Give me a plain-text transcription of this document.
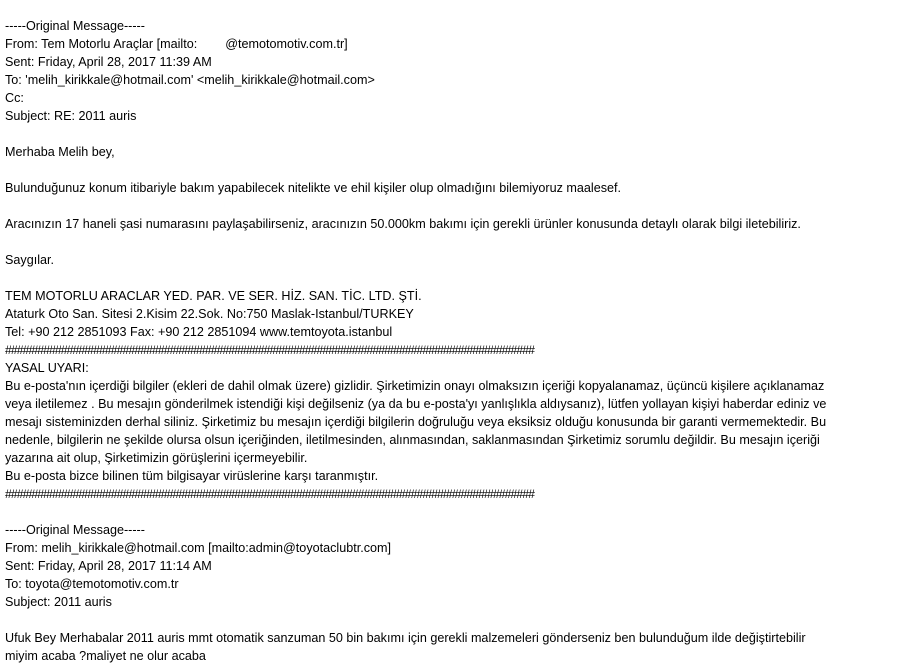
-----Original Message-----
From: Tem Motorlu Araçlar [mailto: @temotomotiv.com.tr]
Sent: Friday, April 28, 2017 11:39 AM
To: 'melih_kirikkale@hotmail.com' <melih_kirikkale@hotmail.com>
Cc:
Subject: RE: 2011 auris
Merhaba Melih bey,
Bulunduğunuz konum itibariyle bakım yapabilecek nitelikte ve ehil kişiler olup olmadığını bilemiyoruz maalesef.
Aracınızın 17 haneli şasi numarasını paylaşabilirseniz, aracınızın 50.000km bakımı için gerekli ürünler konusunda detaylı olarak bilgi iletebiliriz.
Saygılar.
TEM MOTORLU ARACLAR YED. PAR. VE SER. HİZ. SAN. TİC. LTD. ŞTİ.
Ataturk Oto San. Sitesi 2.Kisim 22.Sok. No:750 Maslak-Istanbul/TURKEY
Tel: +90 212 2851093 Fax: +90 212 2851094 www.temtoyota.istanbul
##########################################################################################
YASAL UYARI:
Bu e-posta'nın içerdiği bilgiler (ekleri de dahil olmak üzere) gizlidir. Şirketimizin onayı olmaksızın içeriği kopyalanamaz, üçüncü kişilere açıklanamaz
veya iletilemez . Bu mesajın gönderilmek istendiği kişi değilseniz (ya da bu e-posta'yı yanlışlıkla aldıysanız), lütfen yollayan kişiyi haberdar ediniz ve
mesajı sisteminizden derhal siliniz. Şirketimiz bu mesajın içerdiği bilgilerin doğruluğu veya eksiksiz olduğu konusunda bir garanti vermemektedir. Bu
nedenle, bilgilerin ne şekilde olursa olsun içeriğinden, iletilmesinden, alınmasından, saklanmasından Şirketimiz sorumlu değildir. Bu mesajın içeriği
yazarına ait olup, Şirketimizin görüşlerini içermeyebilir.
Bu e-posta bizce bilinen tüm bilgisayar virüslerine karşı taranmıştır.
##########################################################################################
-----Original Message-----
From: melih_kirikkale@hotmail.com [mailto:admin@toyotaclubtr.com]
Sent: Friday, April 28, 2017 11:14 AM
To: toyota@temotomotiv.com.tr
Subject: 2011 auris
Ufuk Bey Merhabalar 2011 auris mmt otomatik sanzuman 50 bin bakımı için gerekli malzemeleri gönderseniz ben bulunduğum ilde değiştirtebilir
miyim acaba ?maliyet ne olur acaba
